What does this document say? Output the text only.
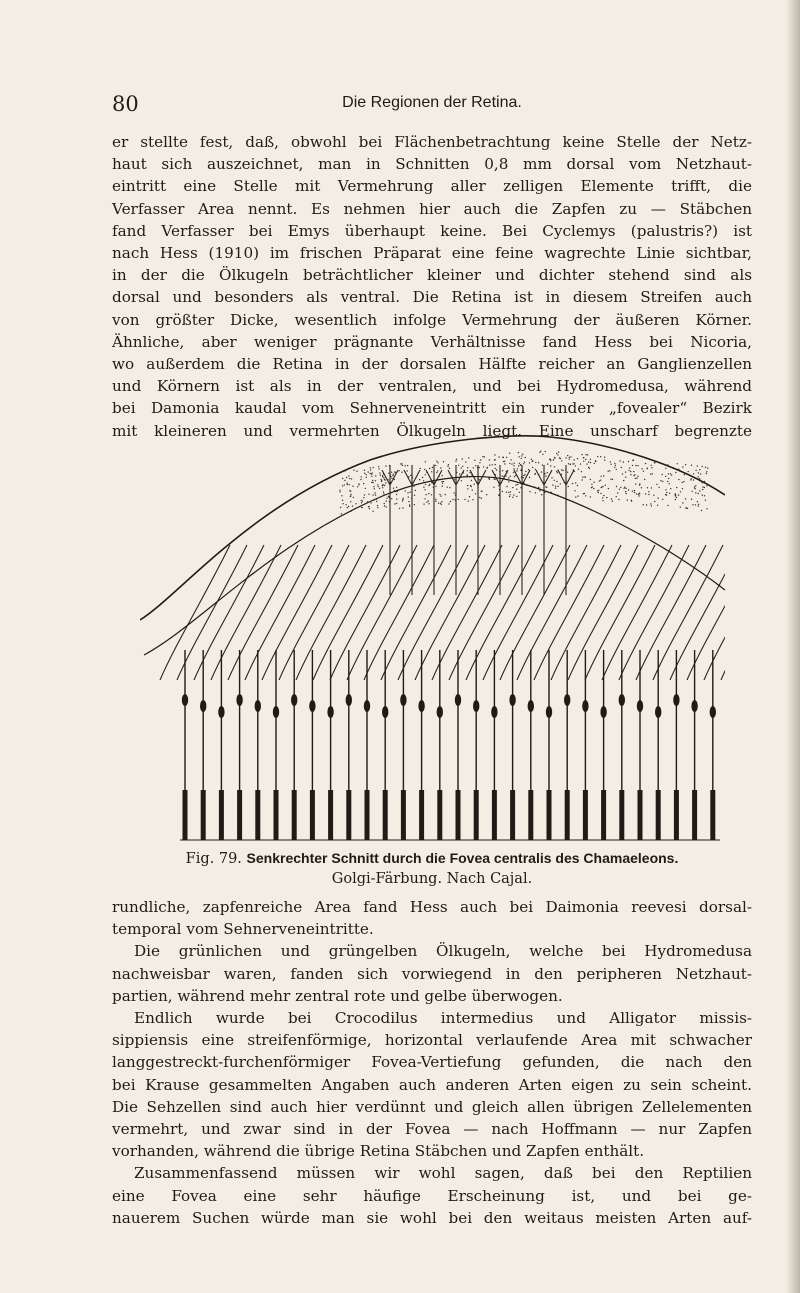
80	Die Regionen der Retina.
er stellte fest, daß, obwohl bei Flächenbetrachtung keine Stelle der Netz-
haut sich auszeichnet, man in Schnitten 0,8 mm dorsal vom Netzhaut-
eintritt eine Stelle mit Vermehrung aller zelligen Elemente trifft, die
Verfasser Area nennt. Es nehmen hier auch die Zapfen zu — Stäbchen
fand Verfasser bei Emys überhaupt keine. Bei Cyclemys (palustris?) ist
nach Hess (1910) im frischen Präparat eine feine wagrechte Linie sichtbar,
in der die Ölkugeln beträchtlicher kleiner und dichter stehend sind als
dorsal und besonders als ventral. Die Retina ist in diesem Streifen auch
von größter Dicke, wesentlich infolge Vermehrung der äußeren Körner.
Ähnliche, aber weniger prägnante Verhältnisse fand Hess bei Nicoria,
wo außerdem die Retina in der dorsalen Hälfte reicher an Ganglienzellen
und Körnern ist als in der ventralen, und bei Hydromedusa, während
bei Damonia kaudal vom Sehnerveneintritt ein runder „fovealer“ Bezirk
mit kleineren und vermehrten Ölkugeln liegt. Eine unscharf begrenzte
Fig. 79. Senkrechter Schnitt durch die Fovea centralis des Chamaeleons.
Golgi-Färbung. Nach Cajal.
rundliche, zapfenreiche Area fand Hess auch bei Daimonia reevesi dorsal-
temporal vom Sehnerveneintritte.
Die grünlichen und grüngelben Ölkugeln, welche bei Hydromedusa
nachweisbar waren, fanden sich vorwiegend in den peripheren Netzhaut-
partien, während mehr zentral rote und gelbe überwogen.
Endlich wurde bei Crocodilus intermedius und Alligator missis-
sippiensis eine streifenförmige, horizontal verlaufende Area mit schwacher
langgestreckt-furchenförmiger Fovea-Vertiefung gefunden, die nach den
bei Krause gesammelten Angaben auch anderen Arten eigen zu sein scheint.
Die Sehzellen sind auch hier verdünnt und gleich allen übrigen Zellelementen
vermehrt, und zwar sind in der Fovea — nach Hoffmann — nur Zapfen
vorhanden, während die übrige Retina Stäbchen und Zapfen enthält.
Zusammenfassend müssen wir wohl sagen, daß bei den Reptilien
eine Fovea eine sehr häufige Erscheinung ist, und bei ge-
nauerem Suchen würde man sie wohl bei den weitaus meisten Arten auf-
